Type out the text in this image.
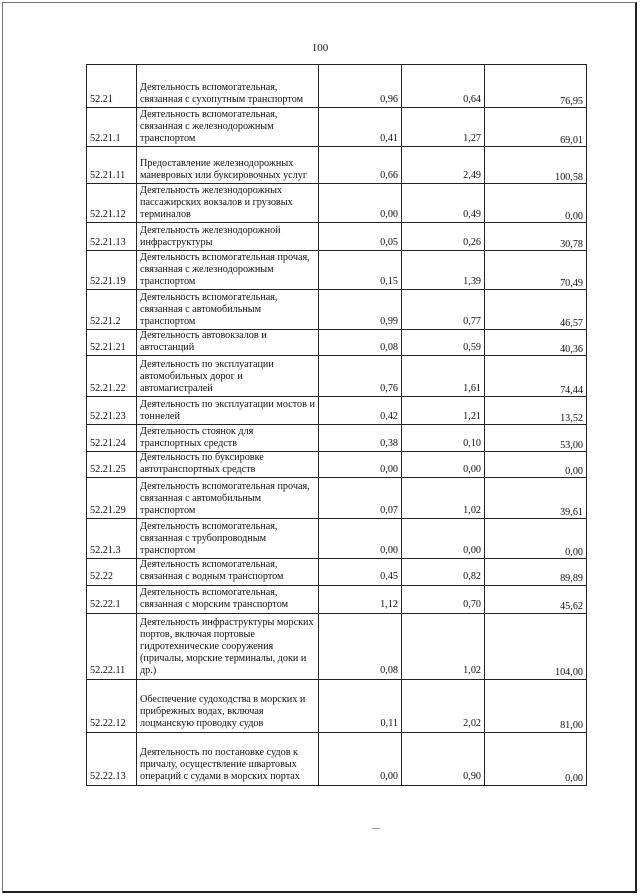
100
52.21	Деятельность вспомогательная, связанная с сухопутным транспортом	0,96	0,64	76,95
52.21.1	Деятельность вспомогательная, связанная с железнодорожным транспортом	0,41	1,27	69,01
52.21.11	Предоставление железнодорожных маневровых или буксировочных услуг	0,66	2,49	100,58
52.21.12	Деятельность железнодорожных пассажирских вокзалов и грузовых терминалов	0,00	0,49	0,00
52.21.13	Деятельность железнодорожной инфраструктуры	0,05	0,26	30,78
52.21.19	Деятельность вспомогательная прочая, связанная с железнодорожным транспортом	0,15	1,39	70,49
52.21.2	Деятельность вспомогательная, связанная с автомобильным транспортом	0,99	0,77	46,57
52.21.21	Деятельность автовокзалов и автостанций	0,08	0,59	40,36
52.21.22	Деятельность по эксплуатации автомобильных дорог и автомагистралей	0,76	1,61	74,44
52.21.23	Деятельность по эксплуатации мостов и тоннелей	0,42	1,21	13,52
52.21.24	Деятельность стоянок для транспортных средств	0,38	0,10	53,00
52.21.25	Деятельность по буксировке автотранспортных средств	0,00	0,00	0,00
52.21.29	Деятельность вспомогательная прочая, связанная с автомобильным транспортом	0,07	1,02	39,61
52.21.3	Деятельность вспомогательная, связанная с трубопроводным транспортом	0,00	0,00	0,00
52.22	Деятельность вспомогательная, связанная с водным транспортом	0,45	0,82	89,89
52.22.1	Деятельность вспомогательная, связанная с морским транспортом	1,12	0,70	45,62
52.22.11	Деятельность инфраструктуры морских портов, включая портовые гидротехнические сооружения (причалы, морские терминалы, доки и др.)	0,08	1,02	104,00
52.22.12	Обеспечение судоходства в морских и прибрежных водах, включая лоцманскую проводку судов	0,11	2,02	81,00
52.22.13	Деятельность по постановке судов к причалу, осуществление швартовых операций с судами в морских портах	0,00	0,90	0,00
